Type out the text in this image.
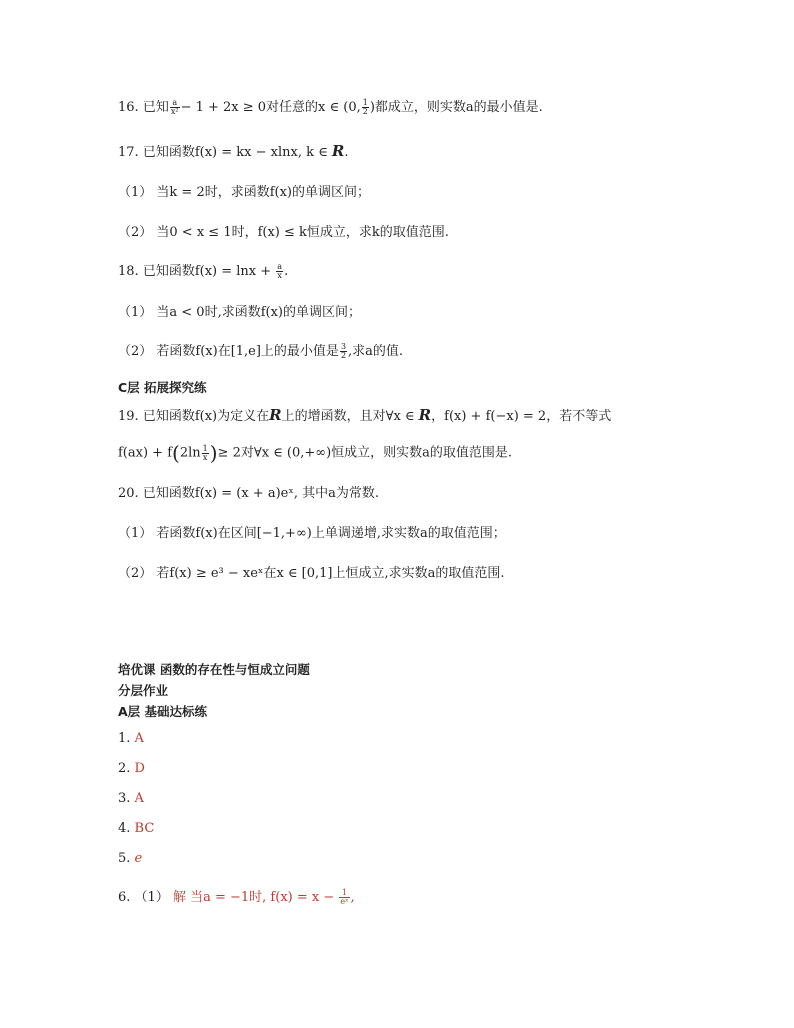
16. 已知 $\frac{a}{\text{x²}} - 1 + 2x \ge 0$对任意的x ∈ (0, $\frac{1}{2}$ )都成立，则实数a的最小值是.
17. 已知函数f(x) = kx − xlnx, k ∈ R.
（1） 当k = 2时，求函数f(x)的单调区间；
（2） 当0 < x ≤ 1时，f(x) ≤ k恒成立，求k的取值范围.
18. 已知函数$f(x) = \ln x + \frac{a}{x}$ .
（1） 当a < 0时,求函数f(x)的单调区间；
（2） 若函数f(x)在[1,e]上的最小值是 $\frac{3}{2}$ ,求a的值.
C层 拓展探究练
19. 已知函数f(x)为定义在R上的增函数，且对∀x ∈ R，f(x) + f(−x) = 2，若不等式
$f(ax) + f(2\ln \frac{1}{x}$ )≥ 2对∀x ∈ (0,+∞)恒成立，则实数a的取值范围是.
20. 已知函数f(x) = (x + a)eˣ, 其中a为常数.
（1） 若函数f(x)在区间[−1,+∞)上单调递增,求实数a的取值范围；
（2） 若f(x) ≥ e³ − xeˣ在x ∈ [0,1]上恒成立,求实数a的取值范围.
培优课 函数的存在性与恒成立问题
分层作业
A层 基础达标练
1. A
2. D
3. A
4. BC
5. e
6. （1） 解 当a = −1时, $f(x) = x - \frac{1}{\text{eˣ}}$ ,
